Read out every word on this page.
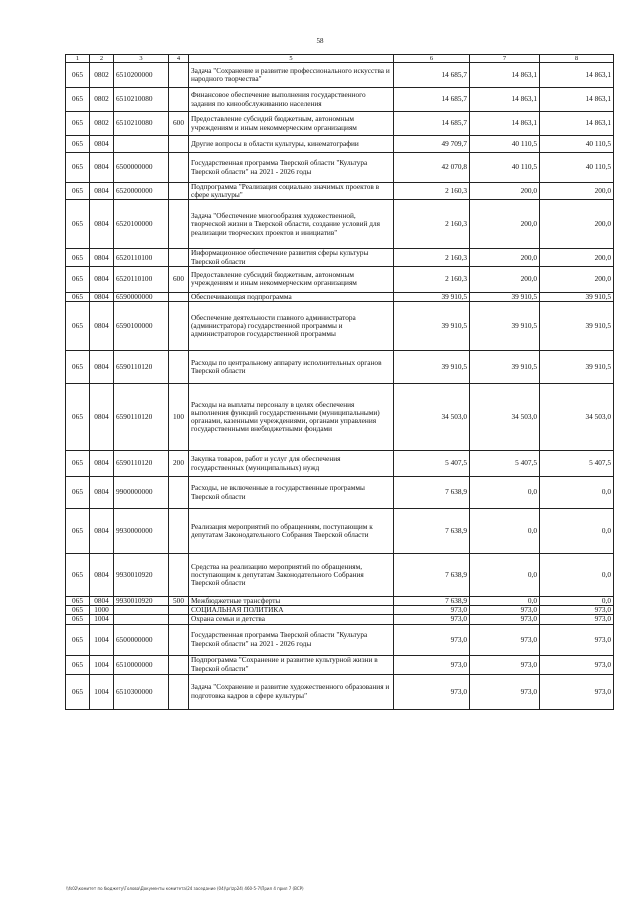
58
1	2	3	4	5	6	7	8
065	0802	6510200000		Задача "Сохранение и развитие профессионального искусства и народного творчества"	14 685,7	14 863,1	14 863,1
065	0802	6510210080		Финансовое обеспечение выполнения государственного задания по кинообслуживанию населения	14 685,7	14 863,1	14 863,1
065	0802	6510210080	600	Предоставление субсидий бюджетным, автономным учреждениям и иным некоммерческим организациям	14 685,7	14 863,1	14 863,1
065	0804			Другие вопросы в области культуры, кинематографии	49 709,7	40 110,5	40 110,5
065	0804	6500000000		Государственная программа Тверской области "Культура Тверской области" на 2021 - 2026 годы	42 070,8	40 110,5	40 110,5
065	0804	6520000000		Подпрограмма "Реализация социально значимых проектов в сфере культуры"	2 160,3	200,0	200,0
065	0804	6520100000		Задача "Обеспечение многообразия художественной, творческой жизни в Тверской области, создание условий для реализации творческих проектов и инициатив"	2 160,3	200,0	200,0
065	0804	6520110100		Информационное обеспечение развития сферы культуры Тверской области	2 160,3	200,0	200,0
065	0804	6520110100	600	Предоставление субсидий бюджетным, автономным учреждениям и иным некоммерческим организациям	2 160,3	200,0	200,0
065	0804	6590000000		Обеспечивающая подпрограмма	39 910,5	39 910,5	39 910,5
065	0804	6590100000		Обеспечение деятельности главного администратора (администратора) государственной программы и администраторов государственной программы	39 910,5	39 910,5	39 910,5
065	0804	6590110120		Расходы по центральному аппарату исполнительных органов Тверской области	39 910,5	39 910,5	39 910,5
065	0804	6590110120	100	Расходы на выплаты персоналу в целях обеспечения выполнения функций государственными (муниципальными) органами, казенными учреждениями, органами управления государственными внебюджетными фондами	34 503,0	34 503,0	34 503,0
065	0804	6590110120	200	Закупка товаров, работ и услуг для обеспечения государственных (муниципальных) нужд	5 407,5	5 407,5	5 407,5
065	0804	9900000000		Расходы, не включенные в государственные программы Тверской области	7 638,9	0,0	0,0
065	0804	9930000000		Реализация мероприятий по обращениям, поступающим к депутатам Законодательного Собрания Тверской области	7 638,9	0,0	0,0
065	0804	9930010920		Средства на реализацию мероприятий по обращениям, поступающим к депутатам Законодательного Собрания Тверской области	7 638,9	0,0	0,0
065	0804	9930010920	500	Межбюджетные трансферты	7 638,9	0,0	0,0
065	1000			СОЦИАЛЬНАЯ ПОЛИТИКА	973,0	973,0	973,0
065	1004			Охрана семьи и детства	973,0	973,0	973,0
065	1004	6500000000		Государственная программа Тверской области "Культура Тверской области" на 2021 - 2026 годы	973,0	973,0	973,0
065	1004	6510000000		Подпрограмма "Сохранение и развитие культурной жизни в Тверской области"	973,0	973,0	973,0
065	1004	6510300000		Задача "Сохранение и развитие художественного образования и подготовка кадров в сфере культуры"	973,0	973,0	973,0
\\fs02\комитет по бюджету\Голова\Документы комитета\24 заседание (04)\pr\zp24\ 460-5-7\Прил 4 прил 7 (ВСР)
